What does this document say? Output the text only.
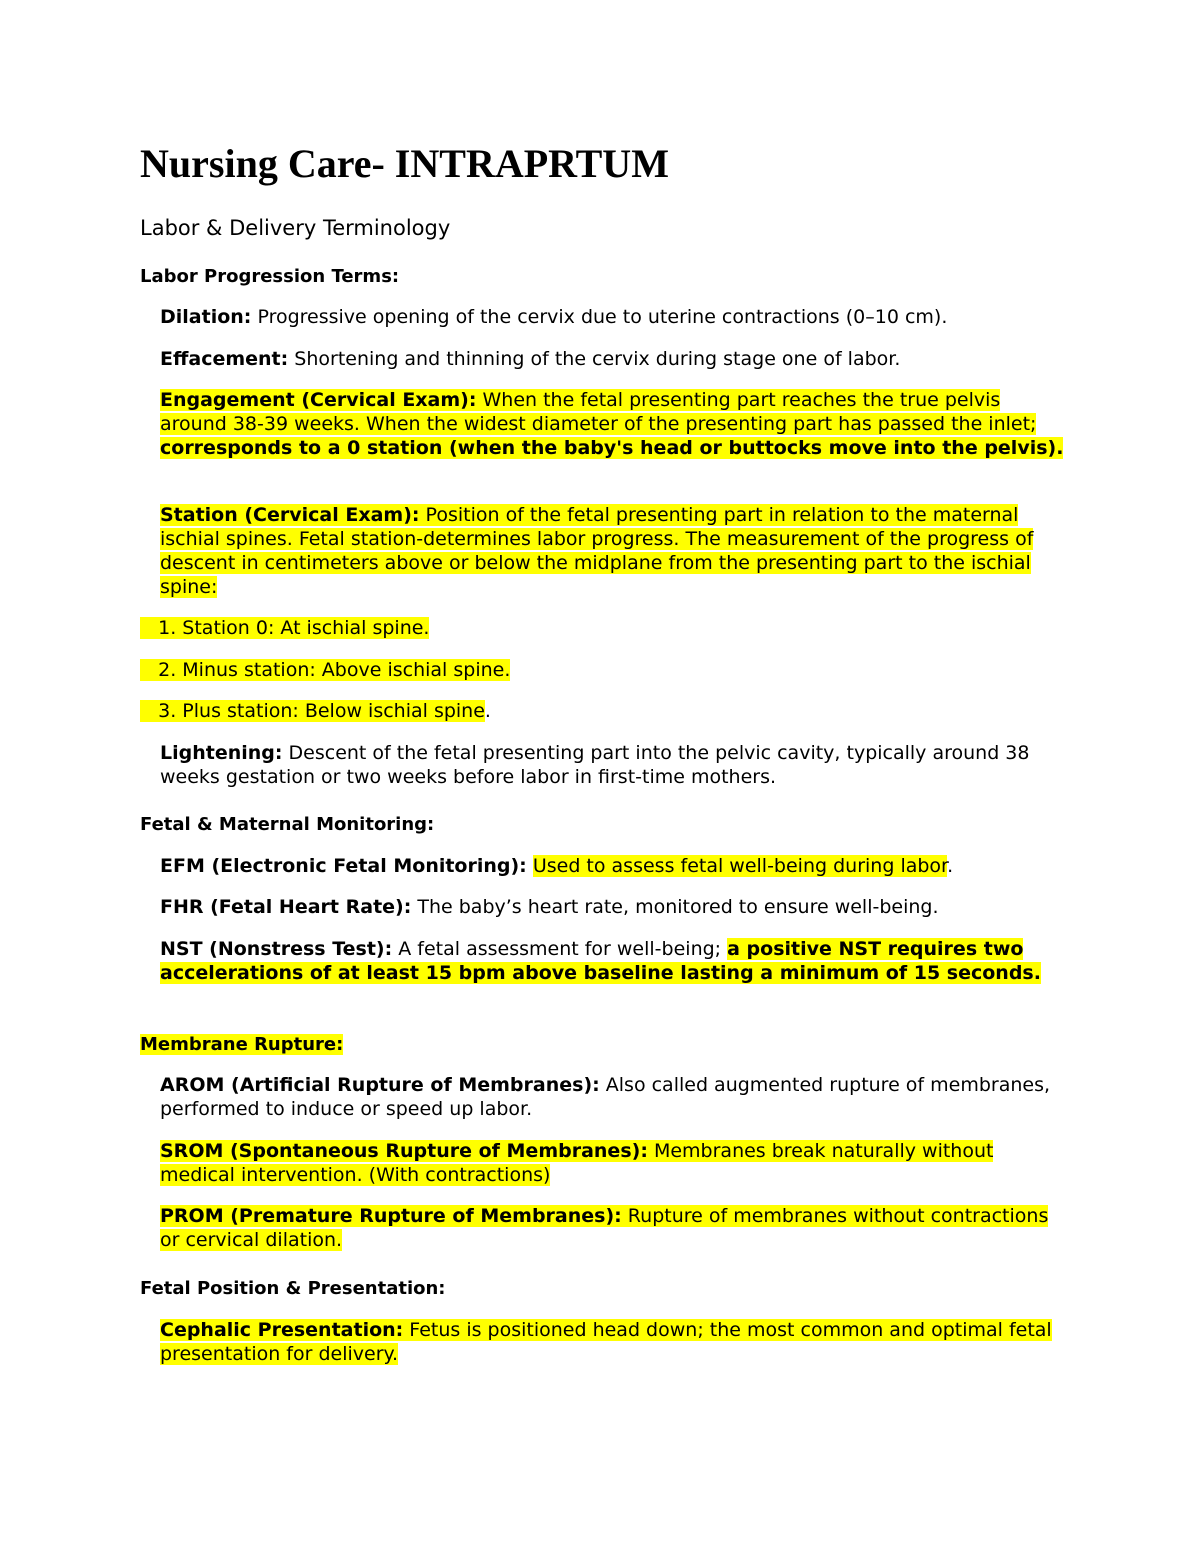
Nursing Care- INTRAPRTUM
Labor & Delivery Terminology

Labor Progression Terms:

Dilation: Progressive opening of the cervix due to uterine contractions (0–10 cm).

Effacement: Shortening and thinning of the cervix during stage one of labor.

Engagement (Cervical Exam): When the fetal presenting part reaches the true pelvis around 38-39 weeks. When the widest diameter of the presenting part has passed the inlet; corresponds to a 0 station (when the baby's head or buttocks move into the pelvis).

Station (Cervical Exam): Position of the fetal presenting part in relation to the maternal ischial spines. Fetal station-determines labor progress. The measurement of the progress of descent in centimeters above or below the midplane from the presenting part to the ischial spine:

1. Station 0: At ischial spine.

2. Minus station: Above ischial spine.

3. Plus station: Below ischial spine.

Lightening: Descent of the fetal presenting part into the pelvic cavity, typically around 38 weeks gestation or two weeks before labor in first-time mothers.

Fetal & Maternal Monitoring:

EFM (Electronic Fetal Monitoring): Used to assess fetal well-being during labor.

FHR (Fetal Heart Rate): The baby’s heart rate, monitored to ensure well-being.

NST (Nonstress Test): A fetal assessment for well-being; a positive NST requires two accelerations of at least 15 bpm above baseline lasting a minimum of 15 seconds.

Membrane Rupture:

AROM (Artificial Rupture of Membranes): Also called augmented rupture of membranes, performed to induce or speed up labor.

SROM (Spontaneous Rupture of Membranes): Membranes break naturally without medical intervention. (With contractions)

PROM (Premature Rupture of Membranes): Rupture of membranes without contractions or cervical dilation.

Fetal Position & Presentation:

Cephalic Presentation: Fetus is positioned head down; the most common and optimal fetal presentation for delivery.
